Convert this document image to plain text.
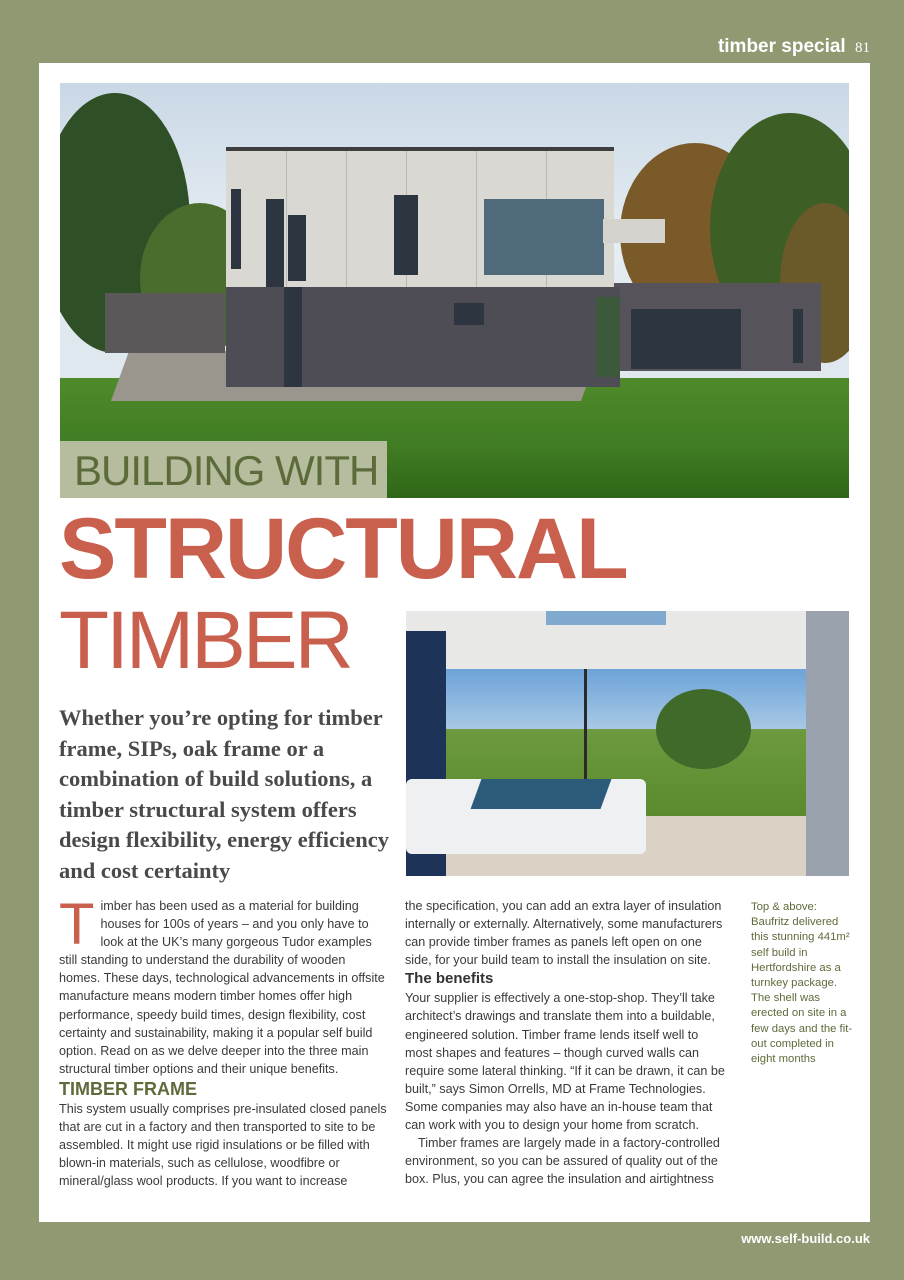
timber special 81
BUILDING WITH
STRUCTURAL
TIMBER

Whether you’re opting for timber frame, SIPs, oak frame or a combination of build solutions, a timber structural system offers design flexibility, energy efficiency and cost certainty

Timber has been used as a material for building houses for 100s of years – and you only have to look at the UK’s many gorgeous Tudor examples still standing to understand the durability of wooden homes. These days, technological advancements in offsite manufacture means modern timber homes offer high performance, speedy build times, design flexibility, cost certainty and sustainability, making it a popular self build option. Read on as we delve deeper into the three main structural timber options and their unique benefits.

TIMBER FRAME

This system usually comprises pre-insulated closed panels that are cut in a factory and then transported to site to be assembled. It might use rigid insulations or be filled with blown-in materials, such as cellulose, woodfibre or mineral/glass wool products. If you want to increase

the specification, you can add an extra layer of insulation internally or externally. Alternatively, some manufacturers can provide timber frames as panels left open on one side, for your build team to install the insulation on site.

The benefits

Your supplier is effectively a one-stop-shop. They’ll take architect’s drawings and translate them into a buildable, engineered solution. Timber frame lends itself well to most shapes and features – though curved walls can require some lateral thinking. “If it can be drawn, it can be built,” says Simon Orrells, MD at Frame Technologies. Some companies may also have an in-house team that can work with you to design your home from scratch.

Timber frames are largely made in a factory-controlled environment, so you can be assured of quality out of the box. Plus, you can agree the insulation and airtightness

Top & above: Baufritz delivered this stunning 441m² self build in Hertfordshire as a turnkey package. The shell was erected on site in a few days and the fit-out completed in eight months

www.self-build.co.uk
